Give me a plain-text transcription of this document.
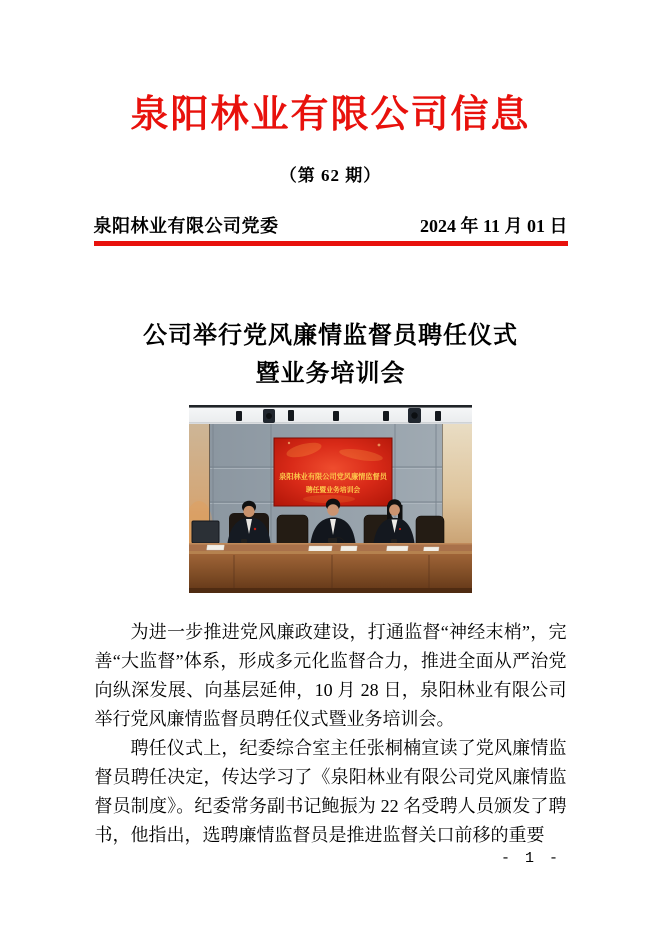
泉阳林业有限公司信息
（第 62 期）
泉阳林业有限公司党委	2024 年 11 月 01 日
公司举行党风廉情监督员聘任仪式
暨业务培训会
泉阳林业有限公司党风廉情监督员
聘任暨业务培训会

为进一步推进党风廉政建设，打通监督“神经末梢”，完善“大监督”体系，形成多元化监督合力，推进全面从严治党向纵深发展、向基层延伸，10 月 28 日，泉阳林业有限公司举行党风廉情监督员聘任仪式暨业务培训会。

聘任仪式上，纪委综合室主任张桐楠宣读了党风廉情监督员聘任决定，传达学习了《泉阳林业有限公司党风廉情监督员制度》。纪委常务副书记鲍振为 22 名受聘人员颁发了聘书，他指出，选聘廉情监督员是推进监督关口前移的重要

- 1 -
